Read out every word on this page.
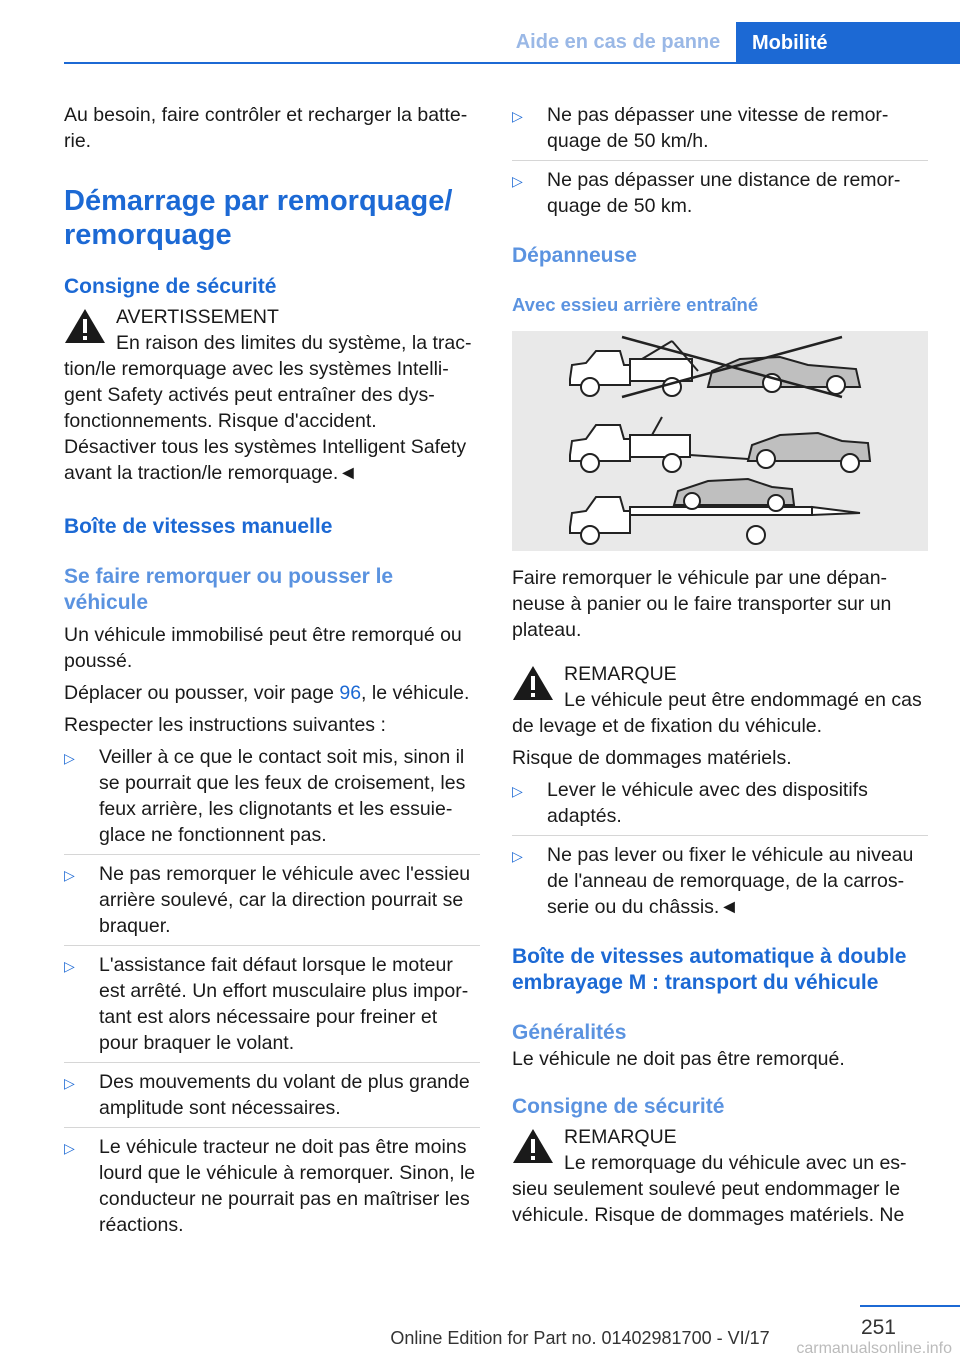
Aide en cas de panne	Mobilité

Au besoin, faire contrôler et recharger la batte-rie.

Démarrage par remorquage/ remorquage
Consigne de sécurité

AVERTISSEMENT

En raison des limites du système, la trac-tion/le remorquage avec les systèmes Intelli-gent Safety activés peut entraîner des dys-fonctionnements. Risque d'accident.

Désactiver tous les systèmes Intelligent Safety avant la traction/le remorquage.◄

Boîte de vitesses manuelle
Se faire remorquer ou pousser le véhicule

Un véhicule immobilisé peut être remorqué ou poussé.

Déplacer ou pousser, voir page 96, le véhicule.

Respecter les instructions suivantes :

▷ Veiller à ce que le contact soit mis, sinon il se pourrait que les feux de croisement, les feux arrière, les clignotants et les essuie-glace ne fonctionnent pas.
▷ Ne pas remorquer le véhicule avec l'essieu arrière soulevé, car la direction pourrait se braquer.
▷ L'assistance fait défaut lorsque le moteur est arrêté. Un effort musculaire plus impor-tant est alors nécessaire pour freiner et pour braquer le volant.
▷ Des mouvements du volant de plus grande amplitude sont nécessaires.
▷ Le véhicule tracteur ne doit pas être moins lourd que le véhicule à remorquer. Sinon, le conducteur ne pourrait pas en maîtriser les réactions.
▷ Ne pas dépasser une vitesse de remor-quage de 50 km/h.
▷ Ne pas dépasser une distance de remor-quage de 50 km.
Dépanneuse
Avec essieu arrière entraîné

Faire remorquer le véhicule par une dépan-neuse à panier ou le faire transporter sur un plateau.

REMARQUE

Le véhicule peut être endommagé en cas de levage et de fixation du véhicule.

Risque de dommages matériels.

▷ Lever le véhicule avec des dispositifs adaptés.
▷ Ne pas lever ou fixer le véhicule au niveau de l'anneau de remorquage, de la carros-serie ou du châssis.◄
Boîte de vitesses automatique à double embrayage M : transport du véhicule
Généralités

Le véhicule ne doit pas être remorqué.

Consigne de sécurité

REMARQUE

Le remorquage du véhicule avec un es-sieu seulement soulevé peut endommager le véhicule. Risque de dommages matériels. Ne

251
Online Edition for Part no. 01402981700 - VI/17
carmanualsonline.info
